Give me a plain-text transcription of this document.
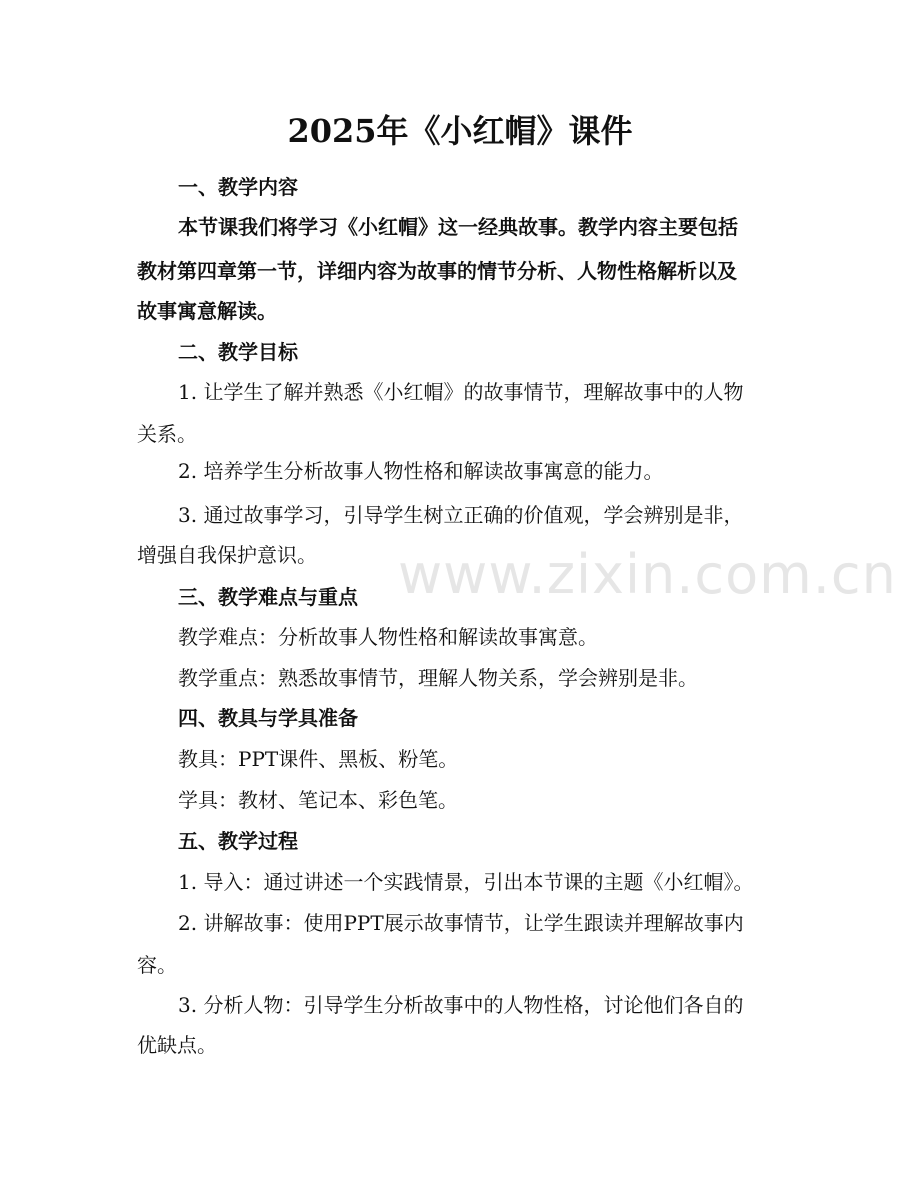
www.zixin.com.cn
2025年《小红帽》课件
一、教学内容
本节课我们将学习《小红帽》这一经典故事。教学内容主要包括
教材第四章第一节，详细内容为故事的情节分析、人物性格解析以及
故事寓意解读。
二、教学目标
1. 让学生了解并熟悉《小红帽》的故事情节，理解故事中的人物
关系。
2. 培养学生分析故事人物性格和解读故事寓意的能力。
3. 通过故事学习，引导学生树立正确的价值观，学会辨别是非，
增强自我保护意识。
三、教学难点与重点
教学难点：分析故事人物性格和解读故事寓意。
教学重点：熟悉故事情节，理解人物关系，学会辨别是非。
四、教具与学具准备
教具：PPT课件、黑板、粉笔。
学具：教材、笔记本、彩色笔。
五、教学过程
1. 导入：通过讲述一个实践情景，引出本节课的主题《小红帽》。
2. 讲解故事：使用PPT展示故事情节，让学生跟读并理解故事内
容。
3. 分析人物：引导学生分析故事中的人物性格，讨论他们各自的
优缺点。
